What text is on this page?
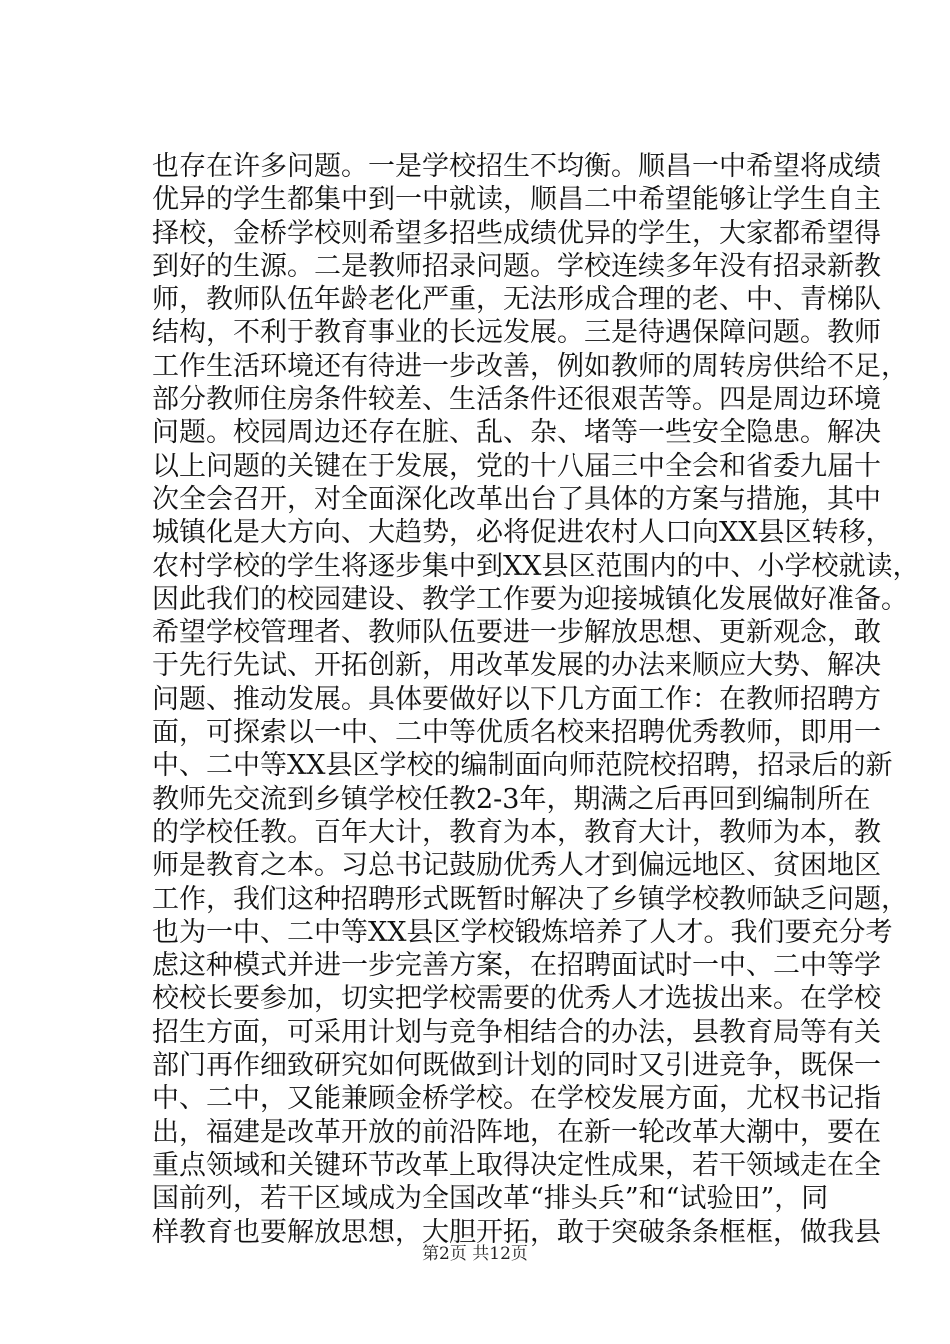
也 存 在 许 多 问 题 。 一 是 学 校 招 生 不 均 衡 。 顺 昌 一 中 希 望 将 成 绩
优 异 的 学 生 都 集 中 到 一 中 就 读 ， 顺 昌 二 中 希 望 能 够 让 学 生 自 主
择 校 ， 金 桥 学 校 则 希 望 多 招 些 成 绩 优 异 的 学 生 ， 大 家 都 希 望 得
到 好 的 生 源 。 二 是 教 师 招 录 问 题 。 学 校 连 续 多 年 没 有 招 录 新 教
师 ， 教 师 队 伍 年 龄 老 化 严 重 ， 无 法 形 成 合 理 的 老 、 中 、 青 梯 队
结 构 ， 不 利 于 教 育 事 业 的 长 远 发 展 。 三 是 待 遇 保 障 问 题 。 教 师
工 作 生 活 环 境 还 有 待 进 一 步 改 善 ， 例 如 教 师 的 周 转 房 供 给 不 足 ，
部 分 教 师 住 房 条 件 较 差 、 生 活 条 件 还 很 艰 苦 等 。 四 是 周 边 环 境
问 题 。 校 园 周 边 还 存 在 脏 、 乱 、 杂 、 堵 等 一 些 安 全 隐 患 。 解 决
以 上 问 题 的 关 键 在 于 发 展 ， 党 的 十 八 届 三 中 全 会 和 省 委 九 届 十
次 全 会 召 开 ， 对 全 面 深 化 改 革 出 台 了 具 体 的 方 案 与 措 施 ， 其 中
城 镇 化 是 大 方 向 、 大 趋 势 ， 必 将 促 进 农 村 人 口 向 XX 县 区 转 移 ，
农 村 学 校 的 学 生 将 逐 步 集 中 到 XX 县 区 范 围 内 的 中 、 小 学 校 就 读 ，
因 此 我 们 的 校 园 建 设 、 教 学 工 作 要 为 迎 接 城 镇 化 发 展 做 好 准 备 。
希 望 学 校 管 理 者 、 教 师 队 伍 要 进 一 步 解 放 思 想 、 更 新 观 念 ， 敢
于 先 行 先 试 、 开 拓 创 新 ， 用 改 革 发 展 的 办 法 来 顺 应 大 势 、 解 决
问 题 、 推 动 发 展 。 具 体 要 做 好 以 下 几 方 面 工 作 ： 在 教 师 招 聘 方
面 ， 可 探 索 以 一 中 、 二 中 等 优 质 名 校 来 招 聘 优 秀 教 师 ， 即 用 一
中 、 二 中 等 XX 县 区 学 校 的 编 制 面 向 师 范 院 校 招 聘 ， 招 录 后 的 新
教 师 先 交 流 到 乡 镇 学 校 任 教 2-3 年 ， 期 满 之 后 再 回 到 编 制 所 在
的 学 校 任 教 。 百 年 大 计 ， 教 育 为 本 ， 教 育 大 计 ， 教 师 为 本 ， 教
师 是 教 育 之 本 。 习 总 书 记 鼓 励 优 秀 人 才 到 偏 远 地 区 、 贫 困 地 区
工 作 ， 我 们 这 种 招 聘 形 式 既 暂 时 解 决 了 乡 镇 学 校 教 师 缺 乏 问 题 ，
也 为 一 中 、 二 中 等 XX 县 区 学 校 锻 炼 培 养 了 人 才 。 我 们 要 充 分 考
虑 这 种 模 式 并 进 一 步 完 善 方 案 ， 在 招 聘 面 试 时 一 中 、 二 中 等 学
校 校 长 要 参 加 ， 切 实 把 学 校 需 要 的 优 秀 人 才 选 拔 出 来 。 在 学 校
招 生 方 面 ， 可 采 用 计 划 与 竞 争 相 结 合 的 办 法 ， 县 教 育 局 等 有 关
部 门 再 作 细 致 研 究 如 何 既 做 到 计 划 的 同 时 又 引 进 竞 争 ， 既 保 一
中 、 二 中 ， 又 能 兼 顾 金 桥 学 校 。 在 学 校 发 展 方 面 ， 尤 权 书 记 指
出 ， 福 建 是 改 革 开 放 的 前 沿 阵 地 ， 在 新 一 轮 改 革 大 潮 中 ， 要 在
重 点 领 域 和 关 键 环 节 改 革 上 取 得 决 定 性 成 果 ， 若 干 领 域 走 在 全
国 前 列 ， 若 干 区 域 成 为 全 国 改 革 “ 排 头 兵 ” 和 “ 试 验 田 ” ， 同
样 教 育 也 要 解 放 思 想 ， 大 胆 开 拓 ， 敢 于 突 破 条 条 框 框 ， 做 我 县
第2页 共12页
